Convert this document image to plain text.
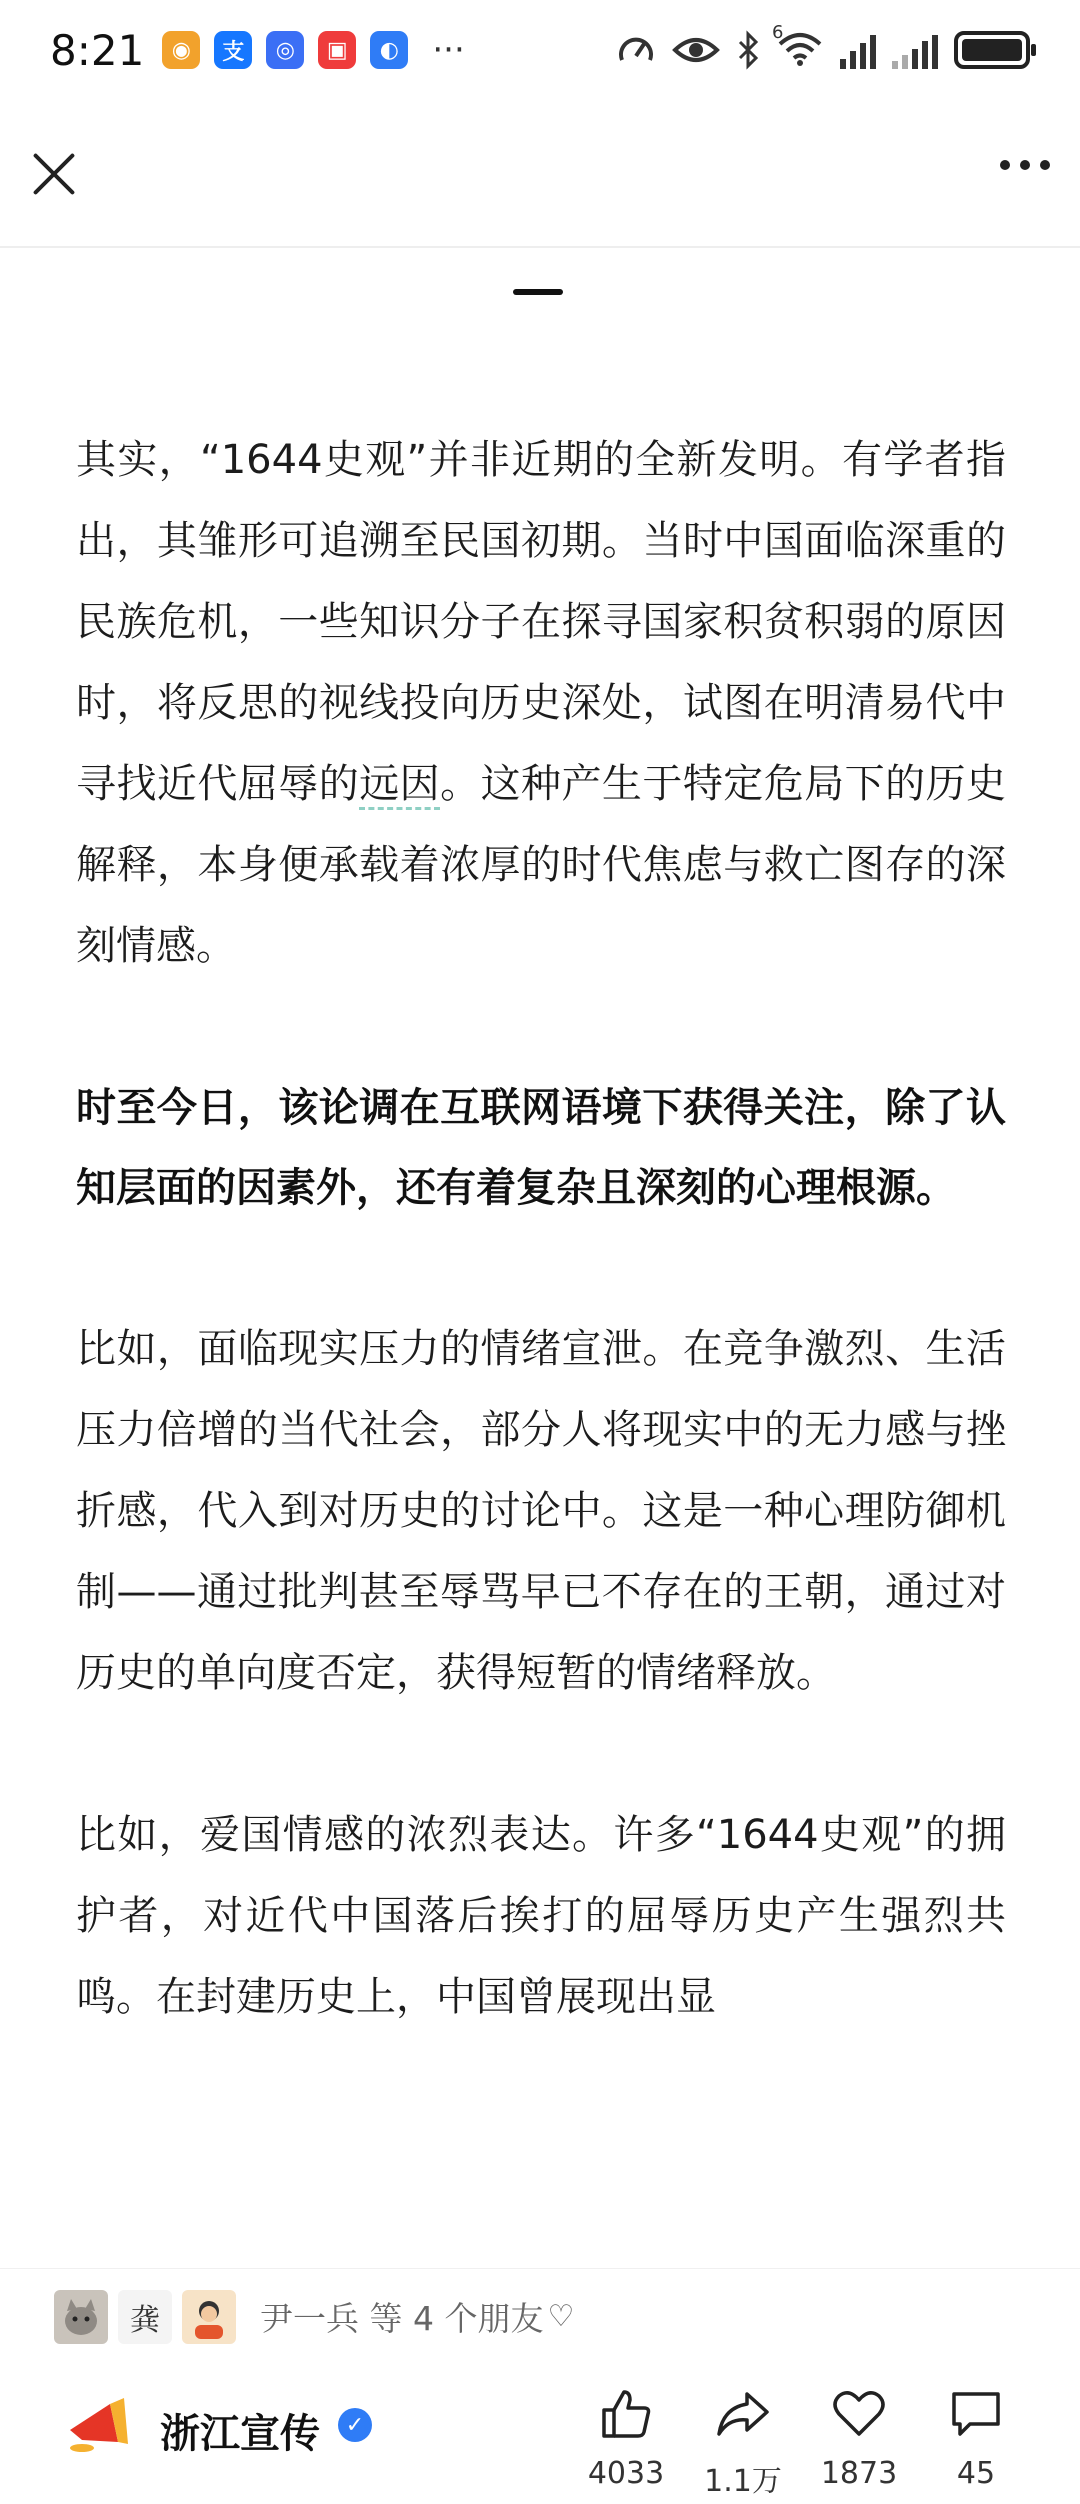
8:21	◉	支	◎	▣	◐ ···	6

其实，“1644史观”并非近期的全新发明。有学者指出，其雏形可追溯至民国初期。当时中国面临深重的民族危机，一些知识分子在探寻国家积贫积弱的原因时，将反思的视线投向历史深处，试图在明清易代中寻找近代屈辱的远因。这种产生于特定危局下的历史解释，本身便承载着浓厚的时代焦虑与救亡图存的深刻情感。

时至今日，该论调在互联网语境下获得关注，除了认知层面的因素外，还有着复杂且深刻的心理根源。

比如，面临现实压力的情绪宣泄。在竞争激烈、生活压力倍增的当代社会，部分人将现实中的无力感与挫折感，代入到对历史的讨论中。这是一种心理防御机制——通过批判甚至辱骂早已不存在的王朝，通过对历史的单向度否定，获得短暂的情绪释放。

比如，爱国情感的浓烈表达。许多“1644史观”的拥护者，对近代中国落后挨打的屈辱历史产生强烈共鸣。在封建历史上，中国曾展现出显

龚	尹一兵 等 4 个朋友 ♡
浙江宣传	✓
4033	1.1万	1873	45
